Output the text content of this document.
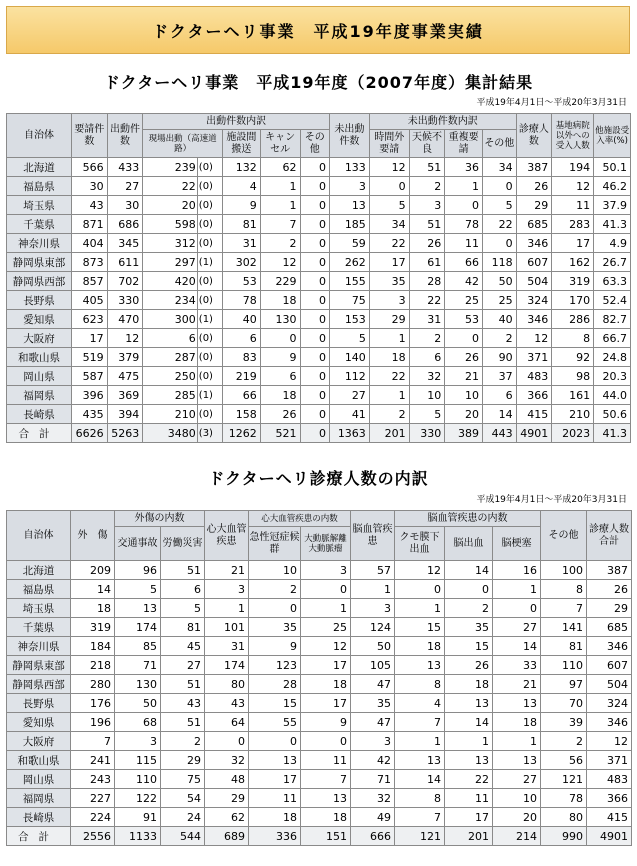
ドクターヘリ事業　平成19年度事業実績
ドクターヘリ事業　平成19年度（2007年度）集計結果
平成19年4月1日～平成20年3月31日
自治体	要請件数	出動件数	出動件数内訳					未出動件数	未出動件数内訳				診療人数	基地病院以外への受入人数	他施設受入率(%)
			現場出動（高速道路）		施設間搬送	キャンセル	その他		時間外要請	天候不良	重複要請	その他			
北海道	566	433	239	(0)	132	62	0	133	12	51	36	34	387	194	50.1
福島県	30	27	22	(0)	4	1	0	3	0	2	1	0	26	12	46.2
埼玉県	43	30	20	(0)	9	1	0	13	5	3	0	5	29	11	37.9
千葉県	871	686	598	(0)	81	7	0	185	34	51	78	22	685	283	41.3
神奈川県	404	345	312	(0)	31	2	0	59	22	26	11	0	346	17	4.9
静岡県東部	873	611	297	(1)	302	12	0	262	17	61	66	118	607	162	26.7
静岡県西部	857	702	420	(0)	53	229	0	155	35	28	42	50	504	319	63.3
長野県	405	330	234	(0)	78	18	0	75	3	22	25	25	324	170	52.4
愛知県	623	470	300	(1)	40	130	0	153	29	31	53	40	346	286	82.7
大阪府	17	12	6	(0)	6	0	0	5	1	2	0	2	12	8	66.7
和歌山県	519	379	287	(0)	83	9	0	140	18	6	26	90	371	92	24.8
岡山県	587	475	250	(0)	219	6	0	112	22	32	21	37	483	98	20.3
福岡県	396	369	285	(1)	66	18	0	27	1	10	10	6	366	161	44.0
長崎県	435	394	210	(0)	158	26	0	41	2	5	20	14	415	210	50.6
合計	6626	5263	3480	(3)	1262	521	0	1363	201	330	389	443	4901	2023	41.3
ドクターヘリ診療人数の内訳
平成19年4月1日～平成20年3月31日
自治体	外　傷	外傷の内数		心大血管疾患	心大血管疾患の内数		脳血管疾患	脳血管疾患の内数			その他	診療人数合計
		交通事故	労働災害		急性冠症候群	大動脈解離大動脈瘤		クモ膜下出血	脳出血	脳梗塞		
北海道	209	96	51	21	10	3	57	12	14	16	100	387
福島県	14	5	6	3	2	0	1	0	0	1	8	26
埼玉県	18	13	5	1	0	1	3	1	2	0	7	29
千葉県	319	174	81	101	35	25	124	15	35	27	141	685
神奈川県	184	85	45	31	9	12	50	18	15	14	81	346
静岡県東部	218	71	27	174	123	17	105	13	26	33	110	607
静岡県西部	280	130	51	80	28	18	47	8	18	21	97	504
長野県	176	50	43	43	15	17	35	4	13	13	70	324
愛知県	196	68	51	64	55	9	47	7	14	18	39	346
大阪府	7	3	2	0	0	0	3	1	1	1	2	12
和歌山県	241	115	29	32	13	11	42	13	13	13	56	371
岡山県	243	110	75	48	17	7	71	14	22	27	121	483
福岡県	227	122	54	29	11	13	32	8	11	10	78	366
長崎県	224	91	24	62	18	18	49	7	17	20	80	415
合計	2556	1133	544	689	336	151	666	121	201	214	990	4901
